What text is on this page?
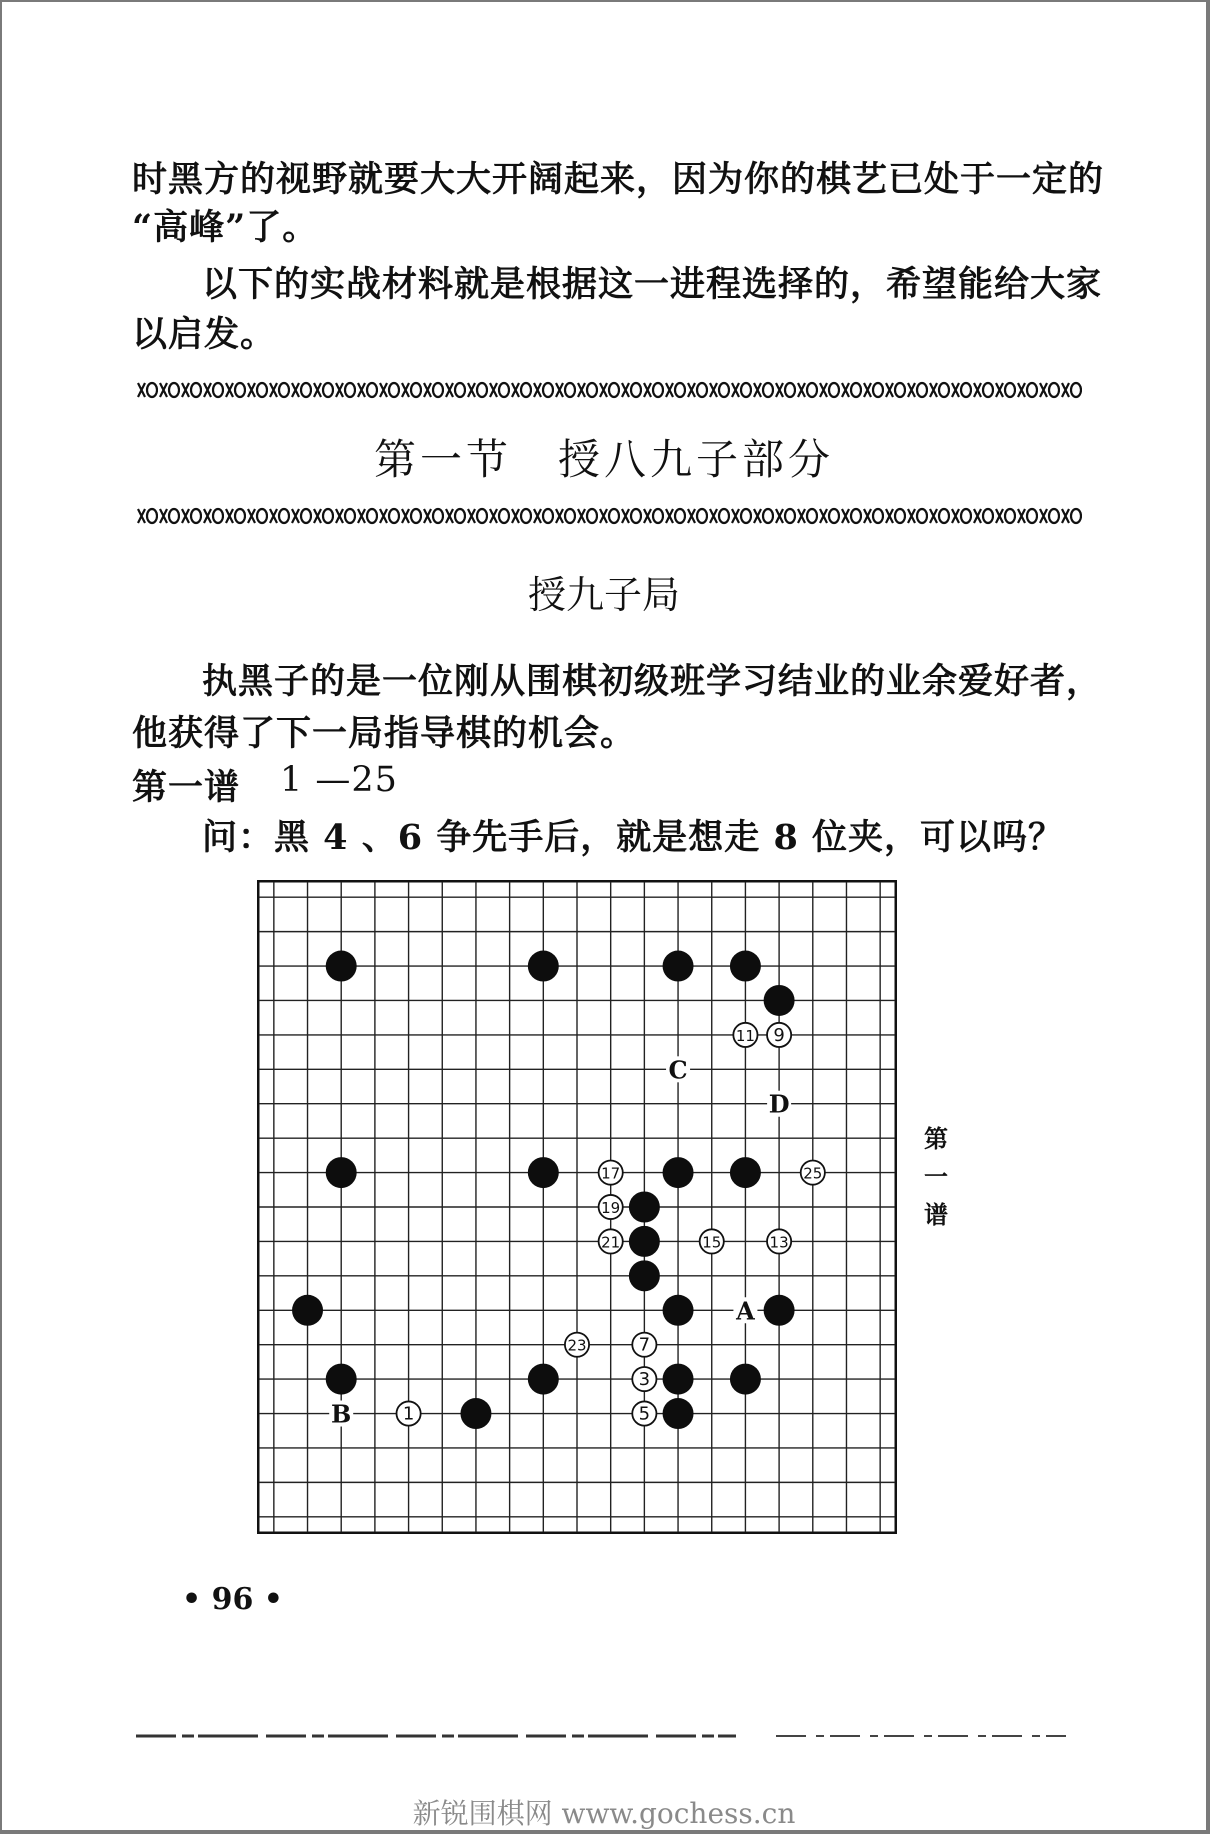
时黑方的视野就要大大开阔起来，因为你的棋艺已处于一定的
“高峰”了。
以下的实战材料就是根据这一进程选择的，希望能给大家
以启发。
第一节　授八九子部分
授九子局
执黑子的是一位刚从围棋初级班学习结业的业余爱好者，
他获得了下一局指导棋的机会。
第一谱 1 —25
问：黑 4 、6 争先手后，就是想走 8 位夹，可以吗？
11 9
17	25
19
21	15	13
23	7
3
1	5
C
D
A
B
第
一
谱
• 96 •
新锐围棋网 www.gochess.cn
